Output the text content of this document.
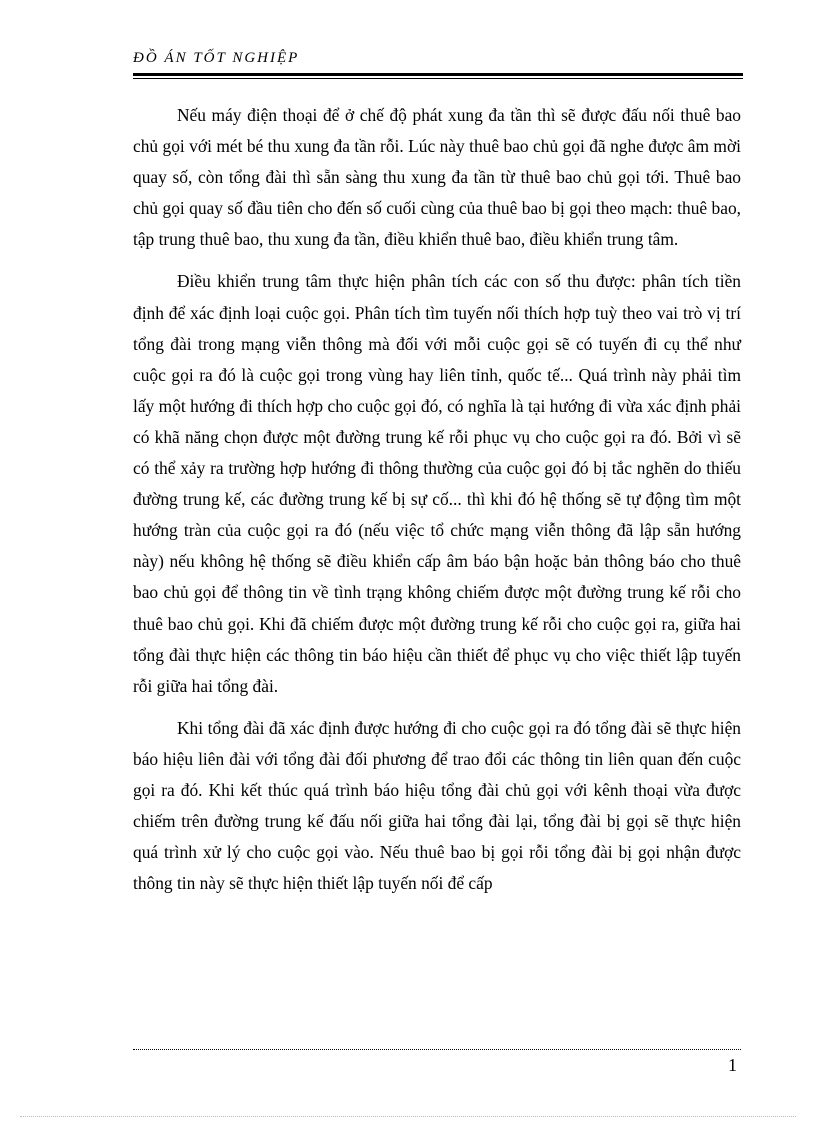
ĐỒ ÁN TỐT NGHIỆP

Nếu máy điện thoại để ở chế độ phát xung đa tần thì sẽ được đấu nối thuê bao chủ gọi với mét bé thu xung đa tần rỗi. Lúc này thuê bao chủ gọi đã nghe được âm mời quay số, còn tổng đài thì sẵn sàng thu xung đa tần từ thuê bao chủ gọi tới. Thuê bao chủ gọi quay số đầu tiên cho đến số cuối cùng của thuê bao bị gọi theo mạch: thuê bao, tập trung thuê bao, thu xung đa tần, điều khiển thuê bao, điều khiển trung tâm.

Điều khiển trung tâm thực hiện phân tích các con số thu được: phân tích tiền định để xác định loại cuộc gọi. Phân tích tìm tuyến nối thích hợp tuỳ theo vai trò vị trí tổng đài trong mạng viễn thông mà đối với mỗi cuộc gọi sẽ có tuyến đi cụ thể như cuộc gọi ra đó là cuộc gọi trong vùng hay liên tỉnh, quốc tế... Quá trình này phải tìm lấy một hướng đi thích hợp cho cuộc gọi đó, có nghĩa là tại hướng đi vừa xác định phải có khã năng chọn được một đường trung kế rỗi phục vụ cho cuộc gọi ra đó. Bởi vì sẽ có thể xảy ra trường hợp hướng đi thông thường của cuộc gọi đó bị tắc nghẽn do thiếu đường trung kế, các đường trung kế bị sự cố... thì khi đó hệ thống sẽ tự động tìm một hướng tràn của cuộc gọi ra đó (nếu việc tổ chức mạng viễn thông đã lập sẵn hướng này) nếu không hệ thống sẽ điều khiển cấp âm báo bận hoặc bản thông báo cho thuê bao chủ gọi để thông tin về tình trạng không chiếm được một đường trung kế rỗi cho thuê bao chủ gọi. Khi đã chiếm được một đường trung kế rỗi cho cuộc gọi ra, giữa hai tổng đài thực hiện các thông tin báo hiệu cần thiết để phục vụ cho việc thiết lập tuyến rỗi giữa hai tổng đài.

Khi tổng đài đã xác định được hướng đi cho cuộc gọi ra đó tổng đài sẽ thực hiện báo hiệu liên đài với tổng đài đối phương để trao đổi các thông tin liên quan đến cuộc gọi ra đó. Khi kết thúc quá trình báo hiệu tổng đài chủ gọi với kênh thoại vừa được chiếm trên đường trung kế đấu nối giữa hai tổng đài lại, tổng đài bị gọi sẽ thực hiện quá trình xử lý cho cuộc gọi vào. Nếu thuê bao bị gọi rỗi tổng đài bị gọi nhận được thông tin này sẽ thực hiện thiết lập tuyến nối để cấp

1
